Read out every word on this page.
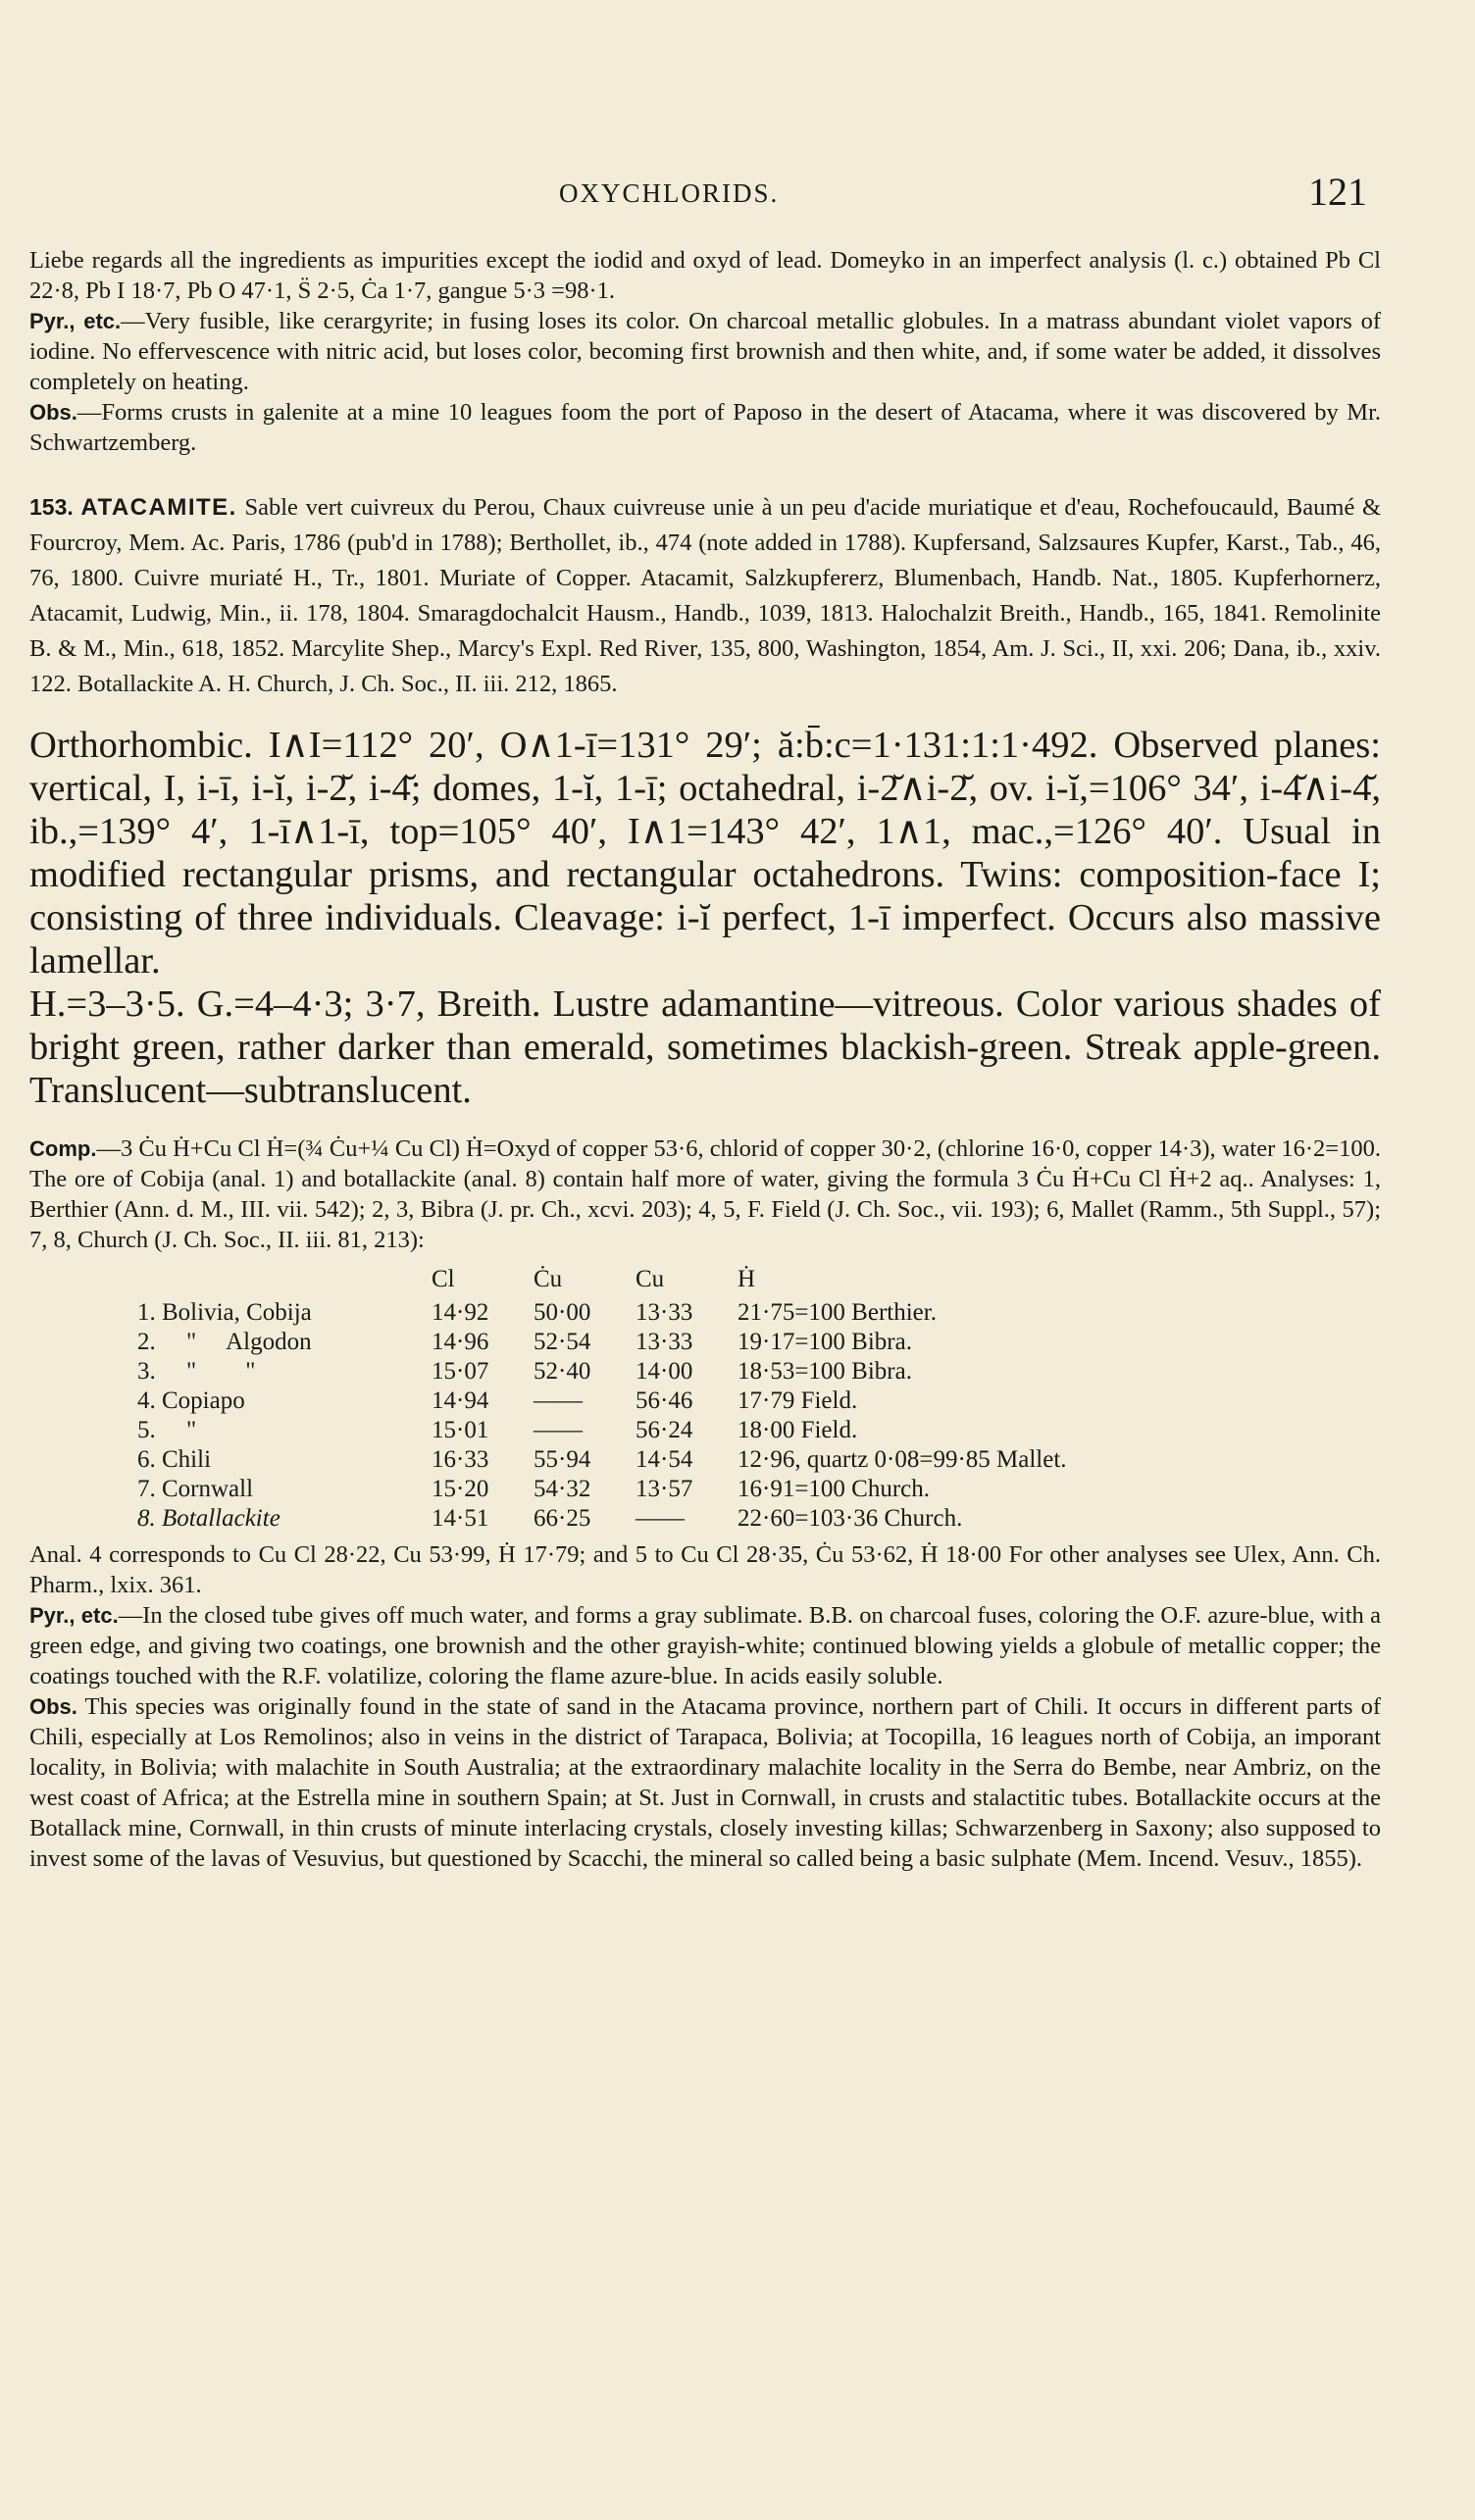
OXYCHLORIDS.	121

Liebe regards all the ingredients as impurities except the iodid and oxyd of lead. Domeyko in an imperfect analysis (l. c.) obtained Pb Cl 22·8, Pb I 18·7, Pb O 47·1, S̈ 2·5, Ċa 1·7, gangue 5·3 =98·1.

Pyr., etc.—Very fusible, like cerargyrite; in fusing loses its color. On charcoal metallic globules. In a matrass abundant violet vapors of iodine. No effervescence with nitric acid, but loses color, becoming first brownish and then white, and, if some water be added, it dissolves completely on heating.

Obs.—Forms crusts in galenite at a mine 10 leagues foom the port of Paposo in the desert of Atacama, where it was discovered by Mr. Schwartzemberg.

153. ATACAMITE. Sable vert cuivreux du Perou, Chaux cuivreuse unie à un peu d'acide muriatique et d'eau, Rochefoucauld, Baumé & Fourcroy, Mem. Ac. Paris, 1786 (pub'd in 1788); Berthollet, ib., 474 (note added in 1788). Kupfersand, Salzsaures Kupfer, Karst., Tab., 46, 76, 1800. Cuivre muriaté H., Tr., 1801. Muriate of Copper. Atacamit, Salzkupfererz, Blumenbach, Handb. Nat., 1805. Kupferhornerz, Atacamit, Ludwig, Min., ii. 178, 1804. Smaragdochalcit Hausm., Handb., 1039, 1813. Halochalzit Breith., Handb., 165, 1841. Remolinite B. & M., Min., 618, 1852. Marcylite Shep., Marcy's Expl. Red River, 135, 800, Washington, 1854, Am. J. Sci., II, xxi. 206; Dana, ib., xxiv. 122. Botallackite A. H. Church, J. Ch. Soc., II. iii. 212, 1865.

Orthorhombic. I∧I=112° 20′, O∧1-ī=131° 29′; ă:b̄:c=1·131:1:1·492. Observed planes: vertical, I, i-ī, i-ĭ, i-2̆, i-4̆; domes, 1-ĭ, 1-ī; octahedral, i-2̆∧i-2̆, ov. i-ĭ,=106° 34′, i-4̆∧i-4̆, ib.,=139° 4′, 1-ī∧1-ī, top=105° 40′, I∧1=143° 42′, 1∧1, mac.,=126° 40′. Usual in modified rectangular prisms, and rectangular octahedrons. Twins: composition-face I; consisting of three individuals. Cleavage: i-ĭ perfect, 1-ī imperfect. Occurs also massive lamellar.

H.=3–3·5. G.=4–4·3; 3·7, Breith. Lustre adamantine—vitreous. Color various shades of bright green, rather darker than emerald, sometimes blackish-green. Streak apple-green. Translucent—subtranslucent.

Comp.—3 Ċu Ḣ+Cu Cl Ḣ=(¾ Ċu+¼ Cu Cl) Ḣ=Oxyd of copper 53·6, chlorid of copper 30·2, (chlorine 16·0, copper 14·3), water 16·2=100. The ore of Cobija (anal. 1) and botallackite (anal. 8) contain half more of water, giving the formula 3 Ċu Ḣ+Cu Cl Ḣ+2 aq.. Analyses: 1, Berthier (Ann. d. M., III. vii. 542); 2, 3, Bibra (J. pr. Ch., xcvi. 203); 4, 5, F. Field (J. Ch. Soc., vii. 193); 6, Mallet (Ramm., 5th Suppl., 57); 7, 8, Church (J. Ch. Soc., II. iii. 81, 213):

	Cl	Ċu	Cu	Ḣ
1. Bolivia, Cobija	14·92	50·00	13·33	21·75=100 Berthier.
2.     "     Algodon	14·96	52·54	13·33	19·17=100 Bibra.
3.     "        "	15·07	52·40	14·00	18·53=100 Bibra.
4. Copiapo	14·94	——	56·46	17·79 Field.
5.     "	15·01	——	56·24	18·00 Field.
6. Chili	16·33	55·94	14·54	12·96, quartz 0·08=99·85 Mallet.
7. Cornwall	15·20	54·32	13·57	16·91=100 Church.
8. Botallackite	14·51	66·25	——	22·60=103·36 Church.

Anal. 4 corresponds to Cu Cl 28·22, Cu 53·99, Ḣ 17·79; and 5 to Cu Cl 28·35, Ċu 53·62, Ḣ 18·00 For other analyses see Ulex, Ann. Ch. Pharm., lxix. 361.

Pyr., etc.—In the closed tube gives off much water, and forms a gray sublimate. B.B. on charcoal fuses, coloring the O.F. azure-blue, with a green edge, and giving two coatings, one brownish and the other grayish-white; continued blowing yields a globule of metallic copper; the coatings touched with the R.F. volatilize, coloring the flame azure-blue. In acids easily soluble.

Obs. This species was originally found in the state of sand in the Atacama province, northern part of Chili. It occurs in different parts of Chili, especially at Los Remolinos; also in veins in the district of Tarapaca, Bolivia; at Tocopilla, 16 leagues north of Cobija, an imporant locality, in Bolivia; with malachite in South Australia; at the extraordinary malachite locality in the Serra do Bembe, near Ambriz, on the west coast of Africa; at the Estrella mine in southern Spain; at St. Just in Cornwall, in crusts and stalactitic tubes. Botallackite occurs at the Botallack mine, Cornwall, in thin crusts of minute interlacing crystals, closely investing killas; Schwarzenberg in Saxony; also supposed to invest some of the lavas of Vesuvius, but questioned by Scacchi, the mineral so called being a basic sulphate (Mem. Incend. Vesuv., 1855).
